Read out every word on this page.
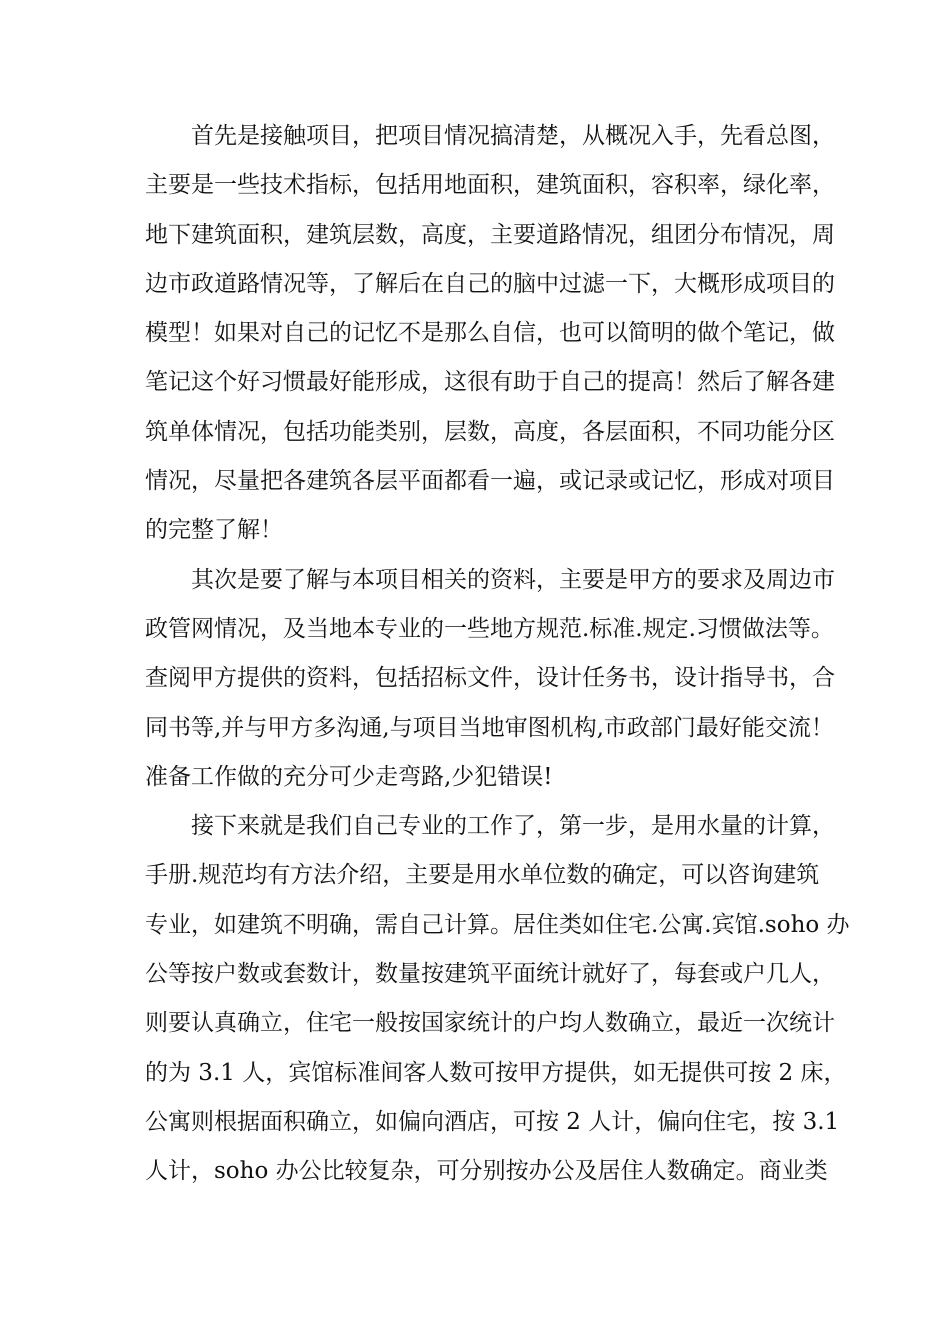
首先是接触项目，把项目情况搞清楚，从概况入手，先看总图，
主要是一些技术指标，包括用地面积，建筑面积，容积率，绿化率，
地下建筑面积，建筑层数，高度，主要道路情况，组团分布情况，周
边市政道路情况等，了解后在自己的脑中过滤一下，大概形成项目的
模型！如果对自己的记忆不是那么自信，也可以简明的做个笔记，做
笔记这个好习惯最好能形成，这很有助于自己的提高！然后了解各建
筑单体情况，包括功能类别，层数，高度，各层面积，不同功能分区
情况，尽量把各建筑各层平面都看一遍，或记录或记忆，形成对项目
的完整了解！
其次是要了解与本项目相关的资料，主要是甲方的要求及周边市
政管网情况，及当地本专业的一些地方规范.标准.规定.习惯做法等。
查阅甲方提供的资料，包括招标文件，设计任务书，设计指导书，合
同书等,并与甲方多沟通,与项目当地审图机构,市政部门最好能交流！
准备工作做的充分可少走弯路,少犯错误!
接下来就是我们自己专业的工作了，第一步，是用水量的计算，
手册.规范均有方法介绍，主要是用水单位数的确定，可以咨询建筑
专业，如建筑不明确，需自己计算。居住类如住宅.公寓.宾馆.soho 办
公等按户数或套数计，数量按建筑平面统计就好了，每套或户几人，
则要认真确立，住宅一般按国家统计的户均人数确立，最近一次统计
的为 3.1 人，宾馆标准间客人数可按甲方提供，如无提供可按 2 床，
公寓则根据面积确立，如偏向酒店，可按 2 人计，偏向住宅，按 3.1
人计，soho 办公比较复杂，可分别按办公及居住人数确定。商业类
